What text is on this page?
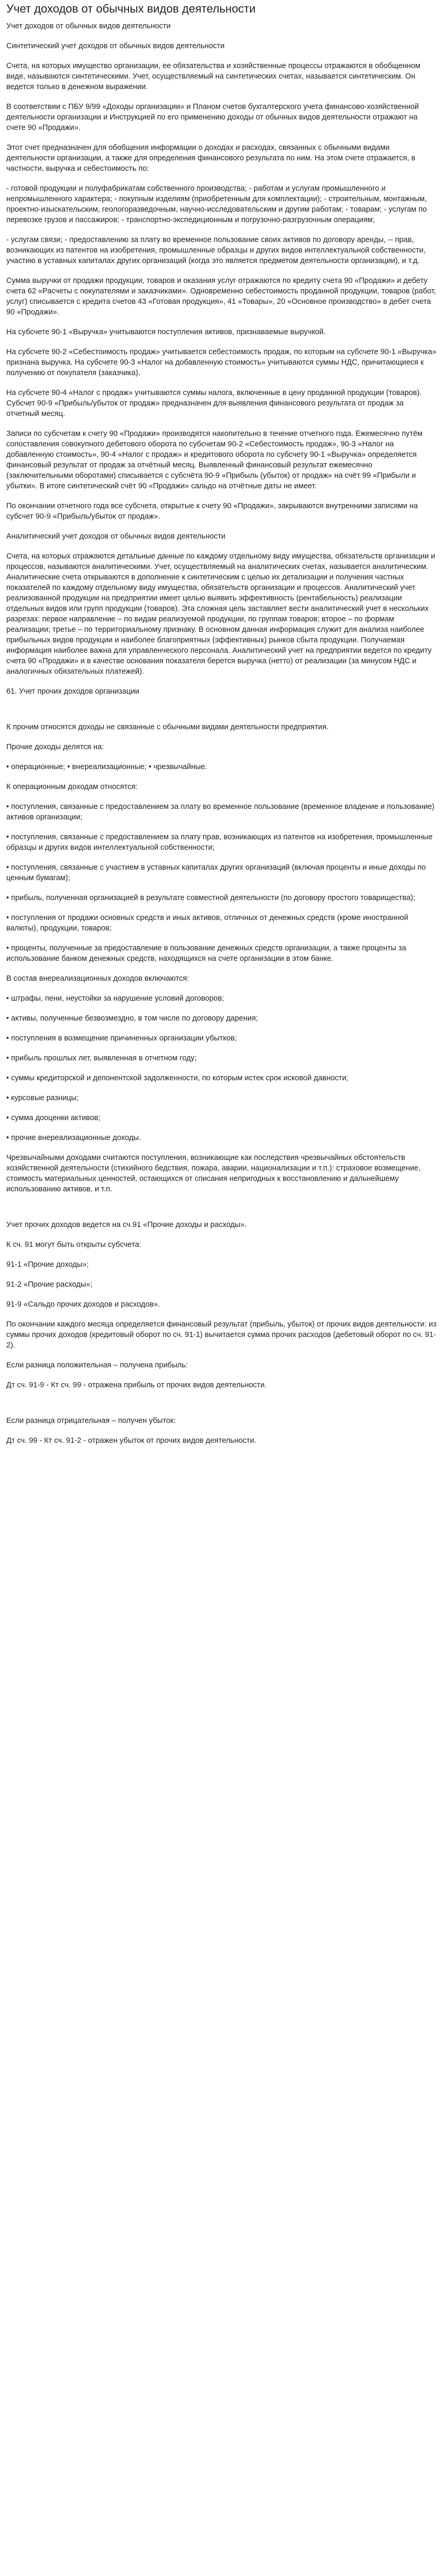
Учет доходов от обычных видов деятельности

Учет доходов от обычных видов деятельности

Синтетический учет доходов от обычных видов деятельности

Счета, на которых имущество организации, ее обязательства и хозяйственные процессы отражаются в обобщенном виде, называются синтетическими. Учет, осуществляемый на синтетических счетах, называется синтетическим. Он ведется только в денежном выражении.

В соответствии с ПБУ 9/99 «Доходы организации» и Планом счетов бухгалтерского учета финансово-хозяйственной деятельности организации и Инструкцией по его применению доходы от обычных видов деятельности отражают на счете 90 «Продажи».

Этот счет предназначен для обобщения информации о доходах и расходах, связанных с обычными видами деятельности организации, а также для определения финансового результата по ним. На этом счете отражается, в частности, выручка и себестоимость по:

- готовой продукции и полуфабрикатам собственного производства; - работам и услугам промышленного и непромышленного характера; - покупным изделиям (приобретенным для комплектации); - строительным, монтажным, проектно-изыскательским, геологоразведочным, научно-исследовательским и другим работам; - товарам; - услугам по перевозке грузов и пассажиров; - транспортно-экспедиционным и погрузочно-разгрузочным операциям;

- услугам связи; - предоставлению за плату во временное пользование своих активов по договору аренды, -- прав, возникающих из патентов на изобретения, промышленные образцы и других видов интеллектуальной собственности, участию в уставных капиталах других организаций (когда это является предметом деятельности организации), и т.д.

Сумма выручки от продажи продукции, товаров и оказания услуг отражаются по кредиту счета 90 «Продажи» и дебету счета 62 «Расчеты с покупателями и заказчиками». Одновременно себестоимость проданной продукции, товаров (работ, услуг) списывается с кредита счетов 43 «Готовая продукция», 41 «Товары», 20 «Основное производство» в дебет счета 90 «Продажи».

На субсчете 90-1 «Выручка» учитываются поступления активов, признаваемые выручкой.

На субсчете 90-2 «Себестоимость продаж» учитывается себестоимость продаж, по которым на субсчете 90-1 «Выручка» признана выручка. На субсчете 90-3 «Налог на добавленную стоимость» учитываются суммы НДС, причитающиеся к получению от покупателя (заказчика).

На субсчете 90-4 «Налог с продаж» учитываются суммы налога, включенные в цену проданной продукции (товаров). Субсчет 90-9 «Прибыль/убыток от продаж» предназначен для выявления финансового результата от продаж за отчетный месяц.

Записи по субсчетам к счету 90 «Продажи» производятся накопительно в течение отчетного года. Ежемесячно путём сопоставления совокупного дебетового оборота по субсчетам 90-2 «Себестоимость продаж», 90-3 «Налог на добавленную стоимость», 90-4 «Налог с продаж» и кредитового оборота по субсчету 90-1 «Выручка» определяется финансовый результат от продаж за отчётный месяц. Выявленный финансовый результат ежемесячно (заключительными оборотами) списывается с субсчёта 90-9 «Прибыль (убыток) от продаж» на счёт 99 «Прибыли и убытки». В итоге синтетический счёт 90 «Продажи» сальдо на отчётные даты не имеет.

По окончании отчетного года все субсчета, открытые к счету 90 «Продажи», закрываются внутренними записями на субсчет 90-9 «Прибыль/убыток от продаж».

Аналитический учет доходов от обычных видов деятельности

Счета, на которых отражаются детальные данные по каждому отдельному виду имущества, обязательств организации и процессов, называются аналитическими. Учет, осуществляемый на аналитических счетах, называется аналитическим. Аналитические счета открываются в дополнение к синтетическим с целью их детализации и получения частных показателей по каждому отдельному виду имущества, обязательств организации и процессов. Аналитический учет реализованной продукции на предприятии имеет целью выявить эффективность (рентабельность) реализации отдельных видов или групп продукции (товаров). Эта сложная цель заставляет вести аналитический учет в нескольких разрезах: первое направление – по видам реализуемой продукции, по группам товаров; второе – по формам реализации; третье – по территориальному признаку. В основном данная информация служит для анализа наиболее прибыльных видов продукции и наиболее благоприятных (эффективных) рынков сбыта продукции. Получаемая информация наиболее важна для управленческого персонала. Аналитический учет на предприятии ведется по кредиту счета 90 «Продажи» и в качестве основания показателя берется выручка (нетто) от реализации (за минусом НДС и аналогичных обязательных платежей).

61. Учет прочих доходов организации

К прочим относятся доходы не связанные с обычными видами деятельности предприятия.

Прочие доходы делятся на:

• операционные; • внереализационные; • чрезвычайные.

К операционным доходам относятся:

• поступления, связанные с предоставлением за плату во временное пользование (временное владение и пользование) активов организации;

• поступления, связанные с предоставлением за плату прав, возникающих из патентов на изобретения, промышленные образцы и других видов интеллектуальной собственности;

• поступления, связанные с участием в уставных капиталах других организаций (включая проценты и иные доходы по ценным бумагам);

• прибыль, полученная организацией в результате совместной деятельности (по договору простого товарищества);

• поступления от продажи основных средств и иных активов, отличных от денежных средств (кроме иностранной валюты), продукции, товаров;

• проценты, полученные за предоставление в пользование денежных средств организации, а также проценты за использование банком денежных средств, находящихся на счете организации в этом банке.

В состав внереализационных доходов включаются:

• штрафы, пени, неустойки за нарушение условий договоров;

• активы, полученные безвозмездно, в том числе по договору дарения;

• поступления в возмещение причиненных организации убытков;

• прибыль прошлых лет, выявленная в отчетном году;

• суммы кредиторской и депонентской задолженности, по которым истек срок исковой давности;

• курсовые разницы;

• сумма дооценки активов;

• прочие внереализационные доходы.

Чрезвычайными доходами считаются поступления, возникающие как последствия чрезвычайных обстоятельств хозяйственной деятельности (стихийного бедствия, пожара, аварии, национализации и т.п.): страховое возмещение, стоимость материальных ценностей, остающихся от списания непригодных к восстановлению и дальнейшему использованию активов, и т.п.

Учет прочих доходов ведется на сч.91 «Прочие доходы и расходы».

К сч. 91 могут быть открыты субсчета:

91-1 «Прочие доходы»;

91-2 «Прочие расходы»;

91-9 «Сальдо прочих доходов и расходов».

По окончании каждого месяца определяется финансовый результат (прибыль, убыток) от прочих видов деятельности: из суммы прочих доходов (кредитовый оборот по сч. 91-1) вычитается сумма прочих расходов (дебетовый оборот по сч. 91-2).

Если разница положительная – получена прибыль:

Дт сч. 91-9 - Кт сч. 99 - отражена прибыль от прочих видов деятельности.

Если разница отрицательная – получен убыток:

Дт сч. 99 - Кт сч. 91-2 - отражен убыток от прочих видов деятельности.
